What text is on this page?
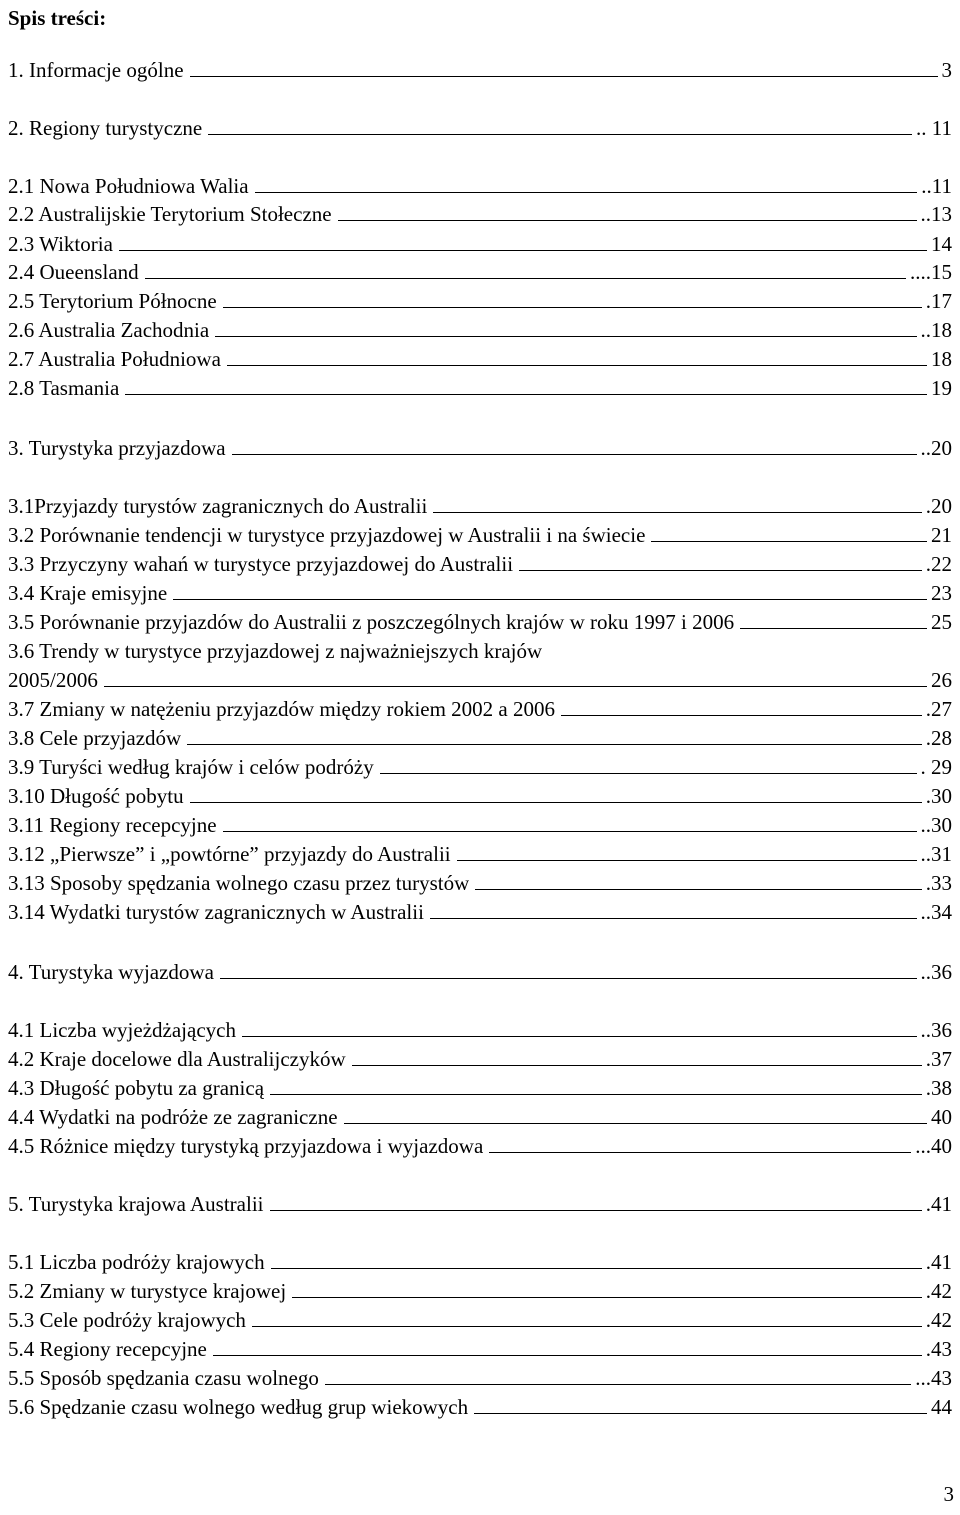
Spis treści:
1. Informacje ogólne	3
2. Regiony turystyczne	.. 11
2.1 Nowa Południowa Walia	..11
2.2 Australijskie Terytorium Stołeczne	..13
2.3 Wiktoria	14
2.4 Oueensland	....15
2.5 Terytorium Północne	.17
2.6 Australia Zachodnia	..18
2.7 Australia Południowa	18
2.8 Tasmania	19
3. Turystyka przyjazdowa	..20
3.1Przyjazdy turystów zagranicznych do Australii	.20
3.2 Porównanie tendencji w turystyce przyjazdowej w Australii i na świecie	21
3.3 Przyczyny wahań w turystyce przyjazdowej do Australii	.22
3.4 Kraje emisyjne	23
3.5 Porównanie przyjazdów do Australii z poszczególnych krajów w roku 1997 i 2006	25
3.6 Trendy w turystyce przyjazdowej z najważniejszych krajów
2005/2006	26
3.7 Zmiany w natężeniu przyjazdów między rokiem 2002 a 2006	.27
3.8 Cele przyjazdów	.28
3.9 Turyści według krajów i celów podróży	. 29
3.10 Długość pobytu	.30
3.11 Regiony recepcyjne	..30
3.12 „Pierwsze” i „powtórne” przyjazdy do Australii	..31
3.13 Sposoby spędzania wolnego czasu przez turystów	.33
3.14 Wydatki turystów zagranicznych w Australii	..34
4. Turystyka wyjazdowa	..36
4.1 Liczba wyjeżdżających	..36
4.2 Kraje docelowe dla Australijczyków	.37
4.3 Długość pobytu za granicą	.38
4.4 Wydatki na podróże ze zagraniczne	40
4.5 Różnice między turystyką przyjazdowa i wyjazdowa	...40
5. Turystyka krajowa Australii	.41
5.1 Liczba podróży krajowych	.41
5.2 Zmiany w turystyce krajowej	.42
5.3 Cele podróży krajowych	.42
5.4 Regiony recepcyjne	.43
5.5 Sposób spędzania czasu wolnego	...43
5.6 Spędzanie czasu wolnego według grup wiekowych	44
3
